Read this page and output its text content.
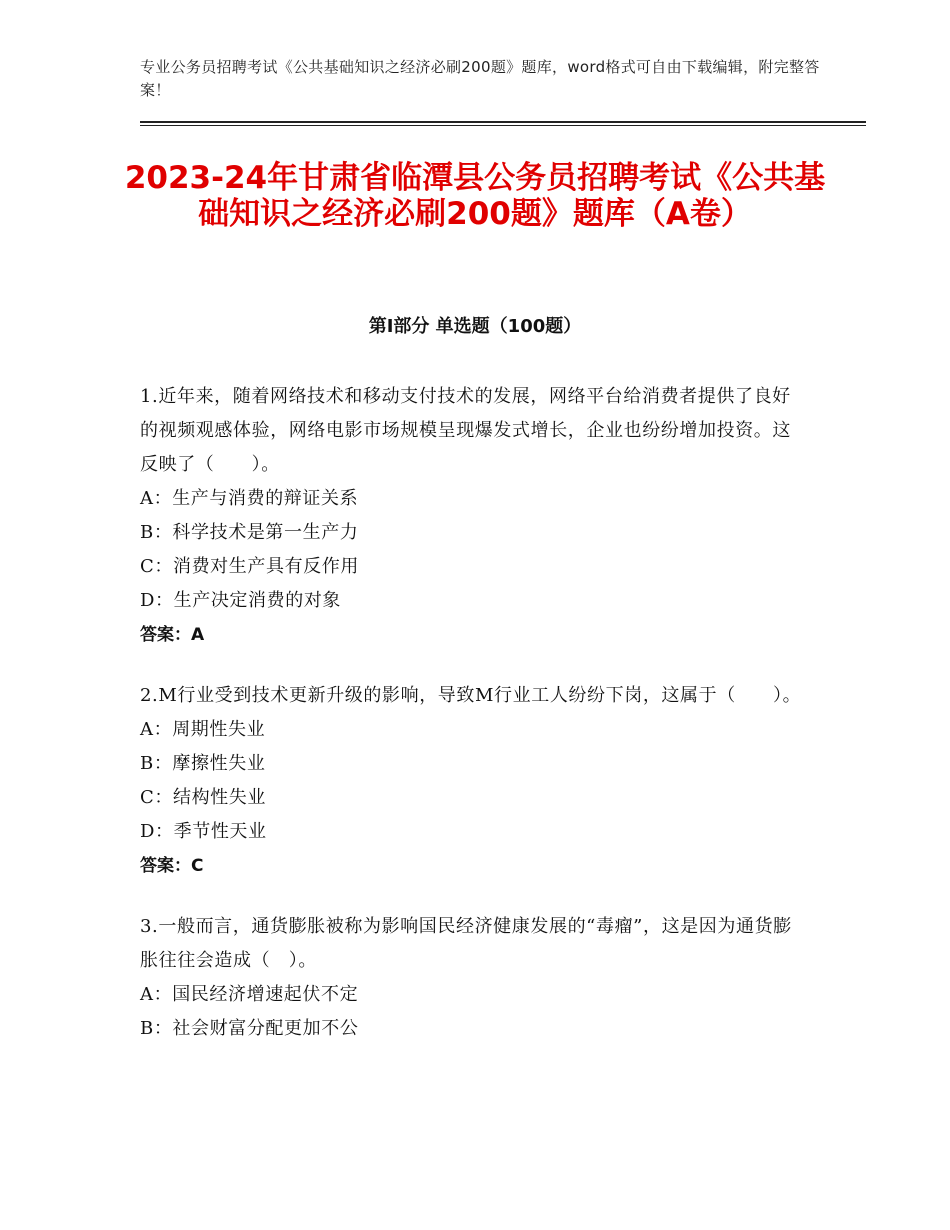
专业公务员招聘考试《公共基础知识之经济必刷200题》题库，word格式可自由下载编辑，附完整答案！
2023-24年甘肃省临潭县公务员招聘考试《公共基础知识之经济必刷200题》题库（A卷）
第I部分 单选题（100题）

1.近年来，随着网络技术和移动支付技术的发展，网络平台给消费者提供了良好的视频观感体验，网络电影市场规模呈现爆发式增长，企业也纷纷增加投资。这反映了（　　）。

A：生产与消费的辩证关系

B：科学技术是第一生产力

C：消费对生产具有反作用

D：生产决定消费的对象

答案：A

2.M行业受到技术更新升级的影响，导致M行业工人纷纷下岗，这属于（　　）。

A：周期性失业

B：摩擦性失业

C：结构性失业

D：季节性天业

答案：C

3.一般而言，通货膨胀被称为影响国民经济健康发展的“毒瘤”，这是因为通货膨胀往往会造成（　）。

A：国民经济增速起伏不定

B：社会财富分配更加不公
